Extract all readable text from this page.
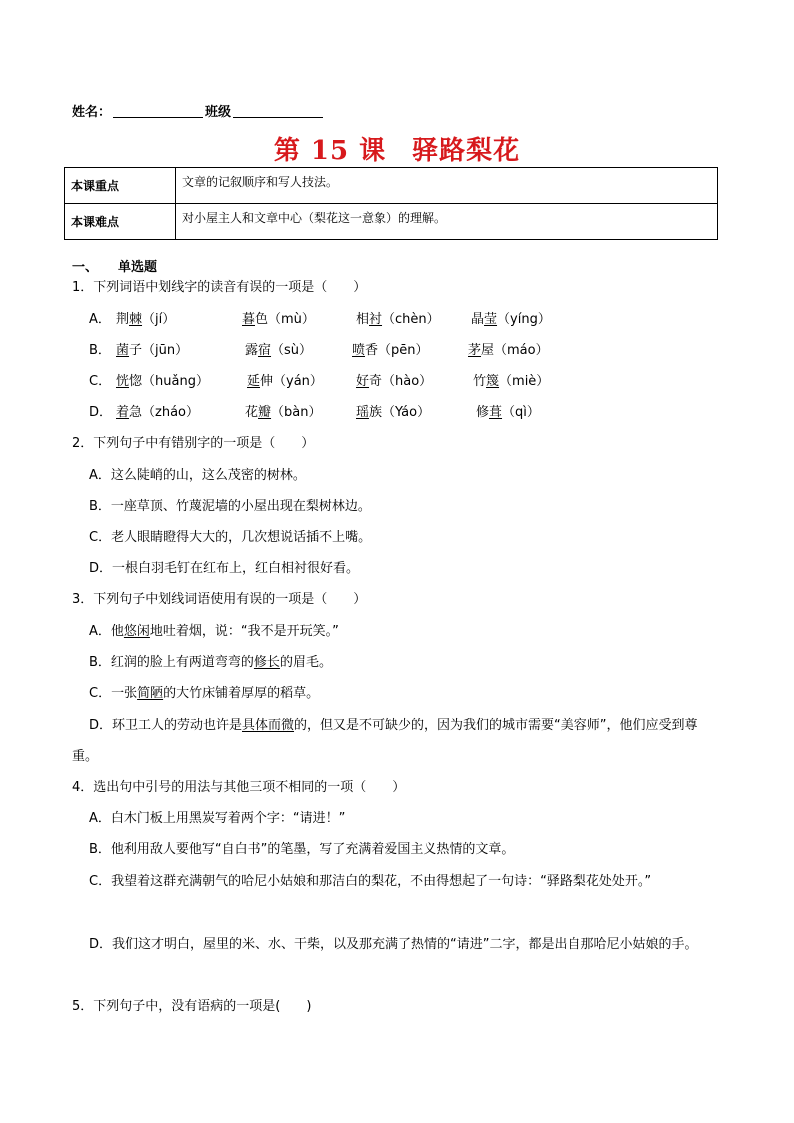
姓名：	班级
第 15 课 驿路梨花
本课重点	文章的记叙顺序和写人技法。
本课难点	对小屋主人和文章中心（梨花这一意象）的理解。
一、 单选题
1．下列词语中划线字的读音有误的一项是（　　）
A． 荆棘（jí）	暮色（mù）	相衬（chèn） 晶莹（yíng）
B． 菌子（jūn）	露宿（sù）	喷香（pēn）	茅屋（máo）
C． 恍惚（huǎng）	延伸（yán）	好奇（hào）	竹篾（miè）
D． 着急（zháo）	花瓣（bàn）	瑶族（Yáo）	修葺（qì）
2．下列句子中有错别字的一项是（　　）
A．这么陡峭的山，这么茂密的树林。
B．一座草顶、竹蔑泥墙的小屋出现在梨树林边。
C．老人眼睛瞪得大大的，几次想说话插不上嘴。
D．一根白羽毛钉在红布上，红白相衬很好看。
3．下列句子中划线词语使用有误的一项是（　　）
A．他悠闲地吐着烟，说：“我不是开玩笑。”
B．红润的脸上有两道弯弯的修长的眉毛。
C．一张简陋的大竹床铺着厚厚的稻草。
D．环卫工人的劳动也许是具体而微的，但又是不可缺少的，因为我们的城市需要“美容师”，他们应受到尊重。
4．选出句中引号的用法与其他三项不相同的一项（　　）
A．白木门板上用黑炭写着两个字：“请进！”
B．他利用敌人要他写“自白书”的笔墨，写了充满着爱国主义热情的文章。
C．我望着这群充满朝气的哈尼小姑娘和那洁白的梨花，不由得想起了一句诗：“驿路梨花处处开。”
D．我们这才明白，屋里的米、水、干柴，以及那充满了热情的“请进”二字，都是出自那哈尼小姑娘的手。
5．下列句子中，没有语病的一项是(　　)
